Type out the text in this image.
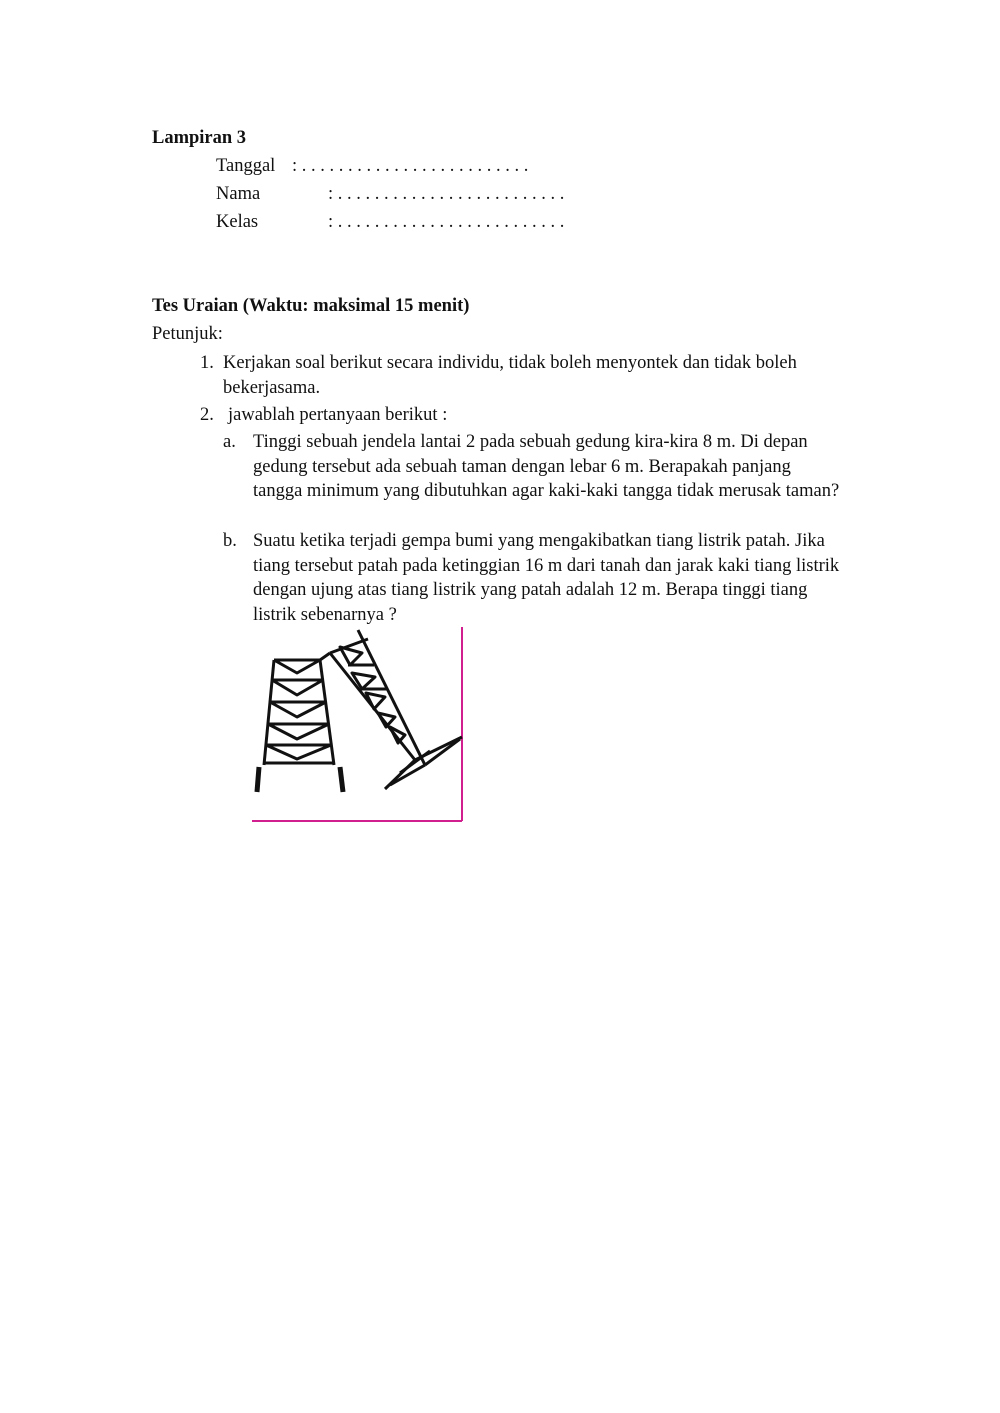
Lampiran 3
Tanggal : . . . . . . . . . . . . . . . . . . . . . . . . .
Nama	: . . . . . . . . . . . . . . . . . . . . . . . . .
Kelas	: . . . . . . . . . . . . . . . . . . . . . . . . .
Tes Uraian (Waktu: maksimal 15 menit)
Petunjuk:
1. Kerjakan soal berikut secara individu, tidak boleh menyontek dan tidak boleh bekerjasama.
2. jawablah pertanyaan berikut :
a. Tinggi sebuah jendela lantai 2 pada sebuah gedung kira-kira 8 m. Di depan gedung tersebut ada sebuah taman dengan lebar 6 m. Berapakah panjang tangga minimum yang dibutuhkan agar kaki-kaki tangga tidak merusak taman?
b. Suatu ketika terjadi gempa bumi yang mengakibatkan tiang listrik patah. Jika tiang tersebut patah pada ketinggian 16 m dari tanah dan jarak kaki tiang listrik dengan ujung atas tiang listrik yang patah adalah 12 m. Berapa tinggi tiang listrik sebenarnya ?
